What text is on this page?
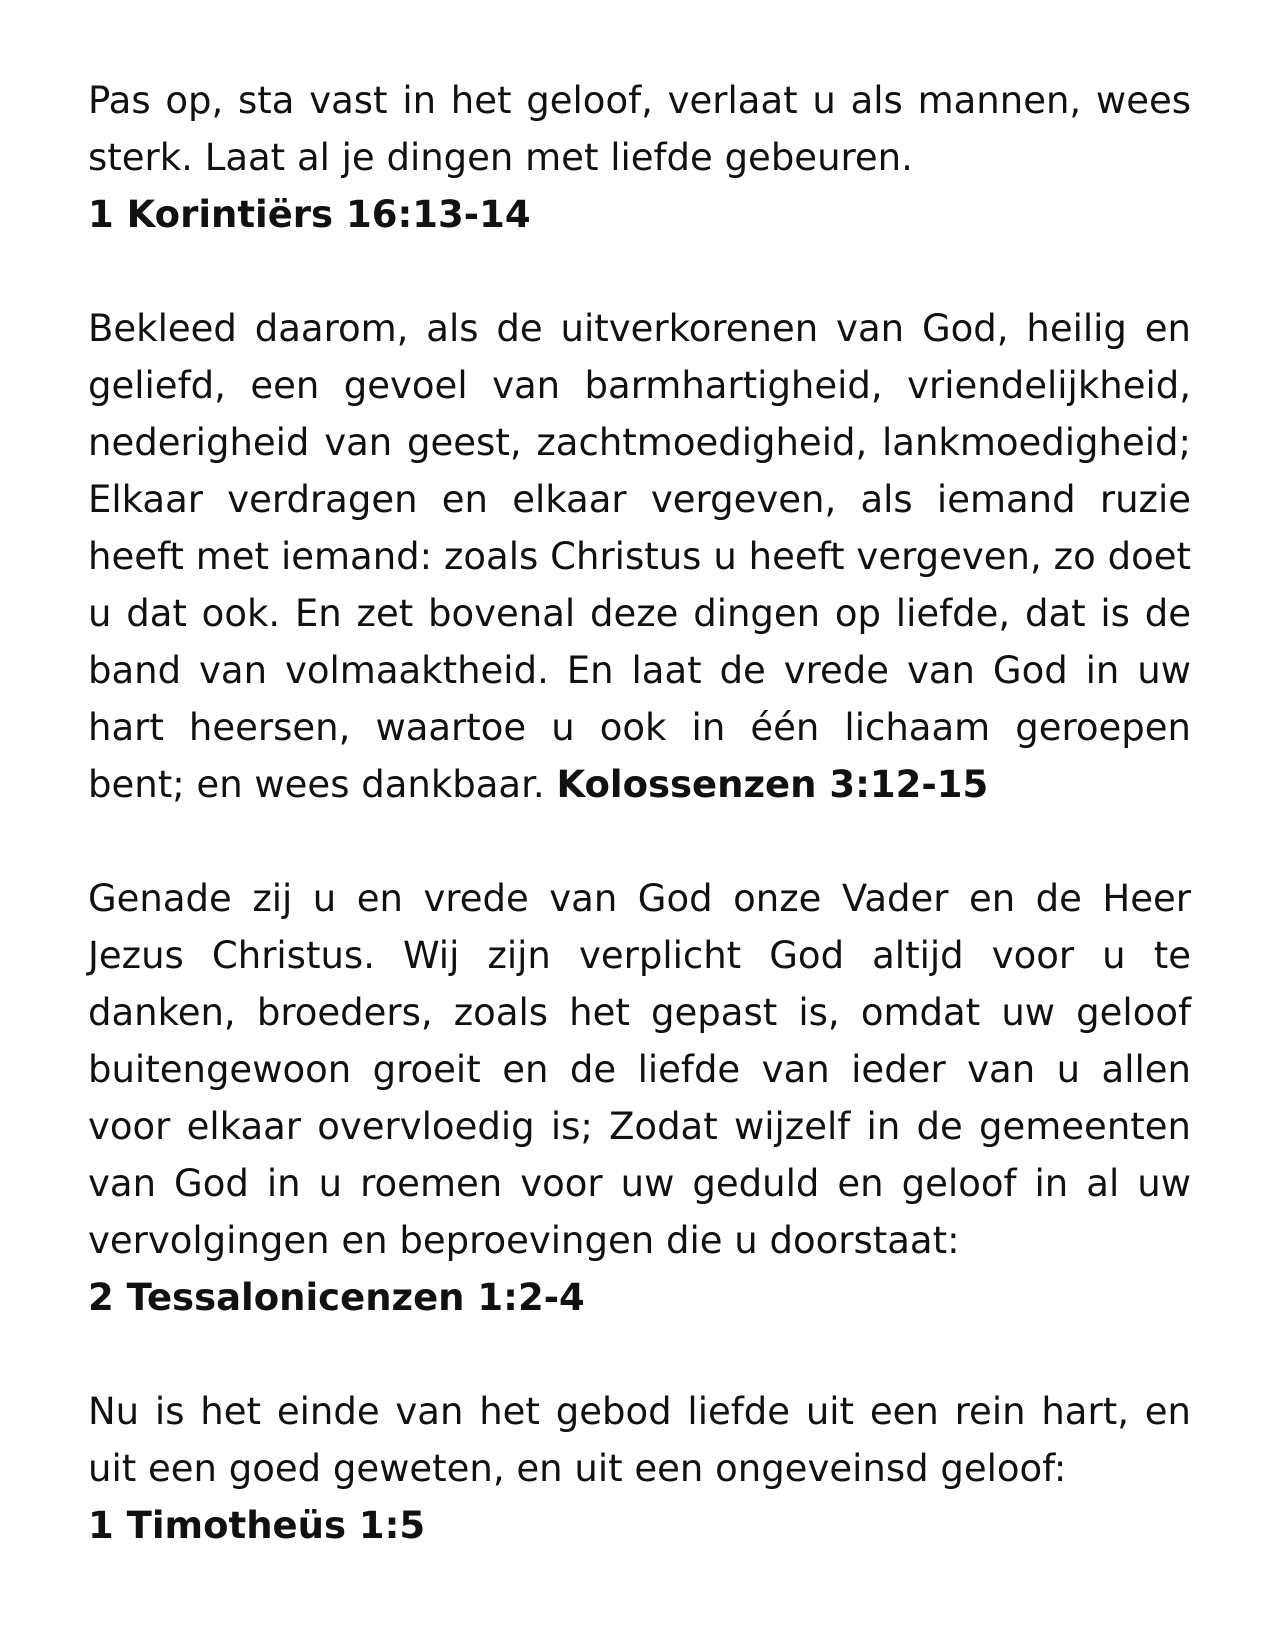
Pas op, sta vast in het geloof, verlaat u als mannen, wees sterk. Laat al je dingen met liefde gebeuren.
1 Korintiërs 16:13-14

Bekleed daarom, als de uitverkorenen van God, heilig en geliefd, een gevoel van barmhartigheid, vriendelijkheid, nederigheid van geest, zachtmoedigheid, lankmoedigheid; Elkaar verdragen en elkaar vergeven, als iemand ruzie heeft met iemand: zoals Christus u heeft vergeven, zo doet u dat ook. En zet bovenal deze dingen op liefde, dat is de band van volmaaktheid. En laat de vrede van God in uw hart heersen, waartoe u ook in één lichaam geroepen bent; en wees dankbaar. Kolossenzen 3:12-15

Genade zij u en vrede van God onze Vader en de Heer Jezus Christus. Wij zijn verplicht God altijd voor u te danken, broeders, zoals het gepast is, omdat uw geloof buitengewoon groeit en de liefde van ieder van u allen voor elkaar overvloedig is; Zodat wijzelf in de gemeenten van God in u roemen voor uw geduld en geloof in al uw vervolgingen en beproevingen die u doorstaat:
2 Tessalonicenzen 1:2-4
Nu is het einde van het gebod liefde uit een rein hart, en uit een goed geweten, en uit een ongeveinsd geloof:
1 Timotheüs 1:5
